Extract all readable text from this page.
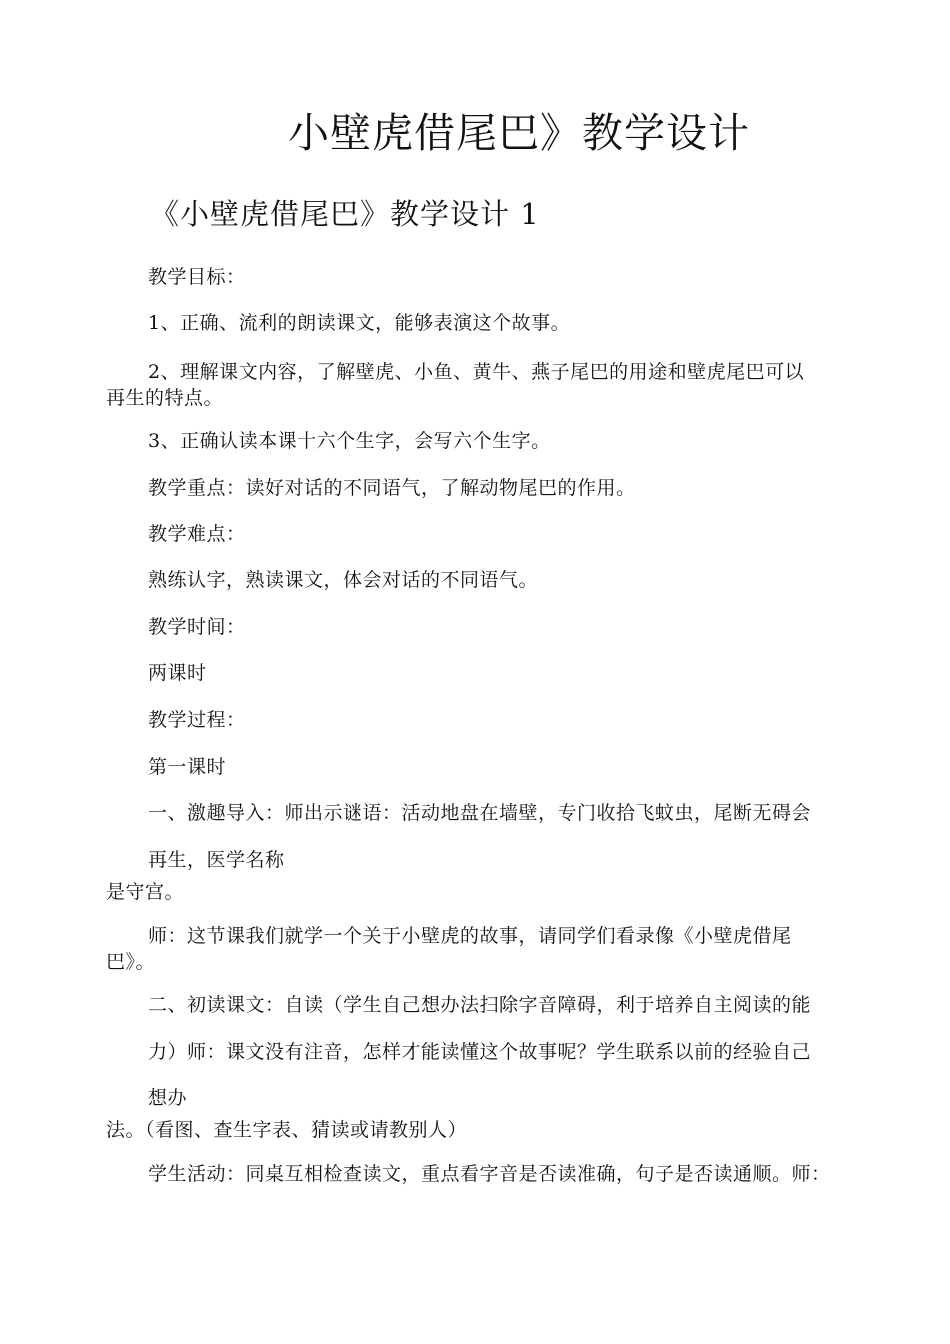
小壁虎借尾巴》教学设计
《小壁虎借尾巴》教学设计 1
教学目标：
1、正确、流利的朗读课文，能够表演这个故事。
2、理解课文内容，了解壁虎、小鱼、黄牛、燕子尾巴的用途和壁虎尾巴可以
再生的特点。
3、正确认读本课十六个生字，会写六个生字。
教学重点：读好对话的不同语气，了解动物尾巴的作用。
教学难点：
熟练认字，熟读课文，体会对话的不同语气。
教学时间：
两课时
教学过程：
第一课时
一、激趣导入：师出示谜语：活动地盘在墙壁，专门收拾飞蚊虫，尾断无碍会
再生，医学名称
是守宫。
师：这节课我们就学一个关于小壁虎的故事，请同学们看录像《小壁虎借尾
巴》。
二、初读课文：自读（学生自己想办法扫除字音障碍，利于培养自主阅读的能
力）师：课文没有注音，怎样才能读懂这个故事呢？学生联系以前的经验自己
想办
法。（看图、查生字表、猜读或请教别人）
学生活动：同桌互相检查读文，重点看字音是否读准确，句子是否读通顺。师：
